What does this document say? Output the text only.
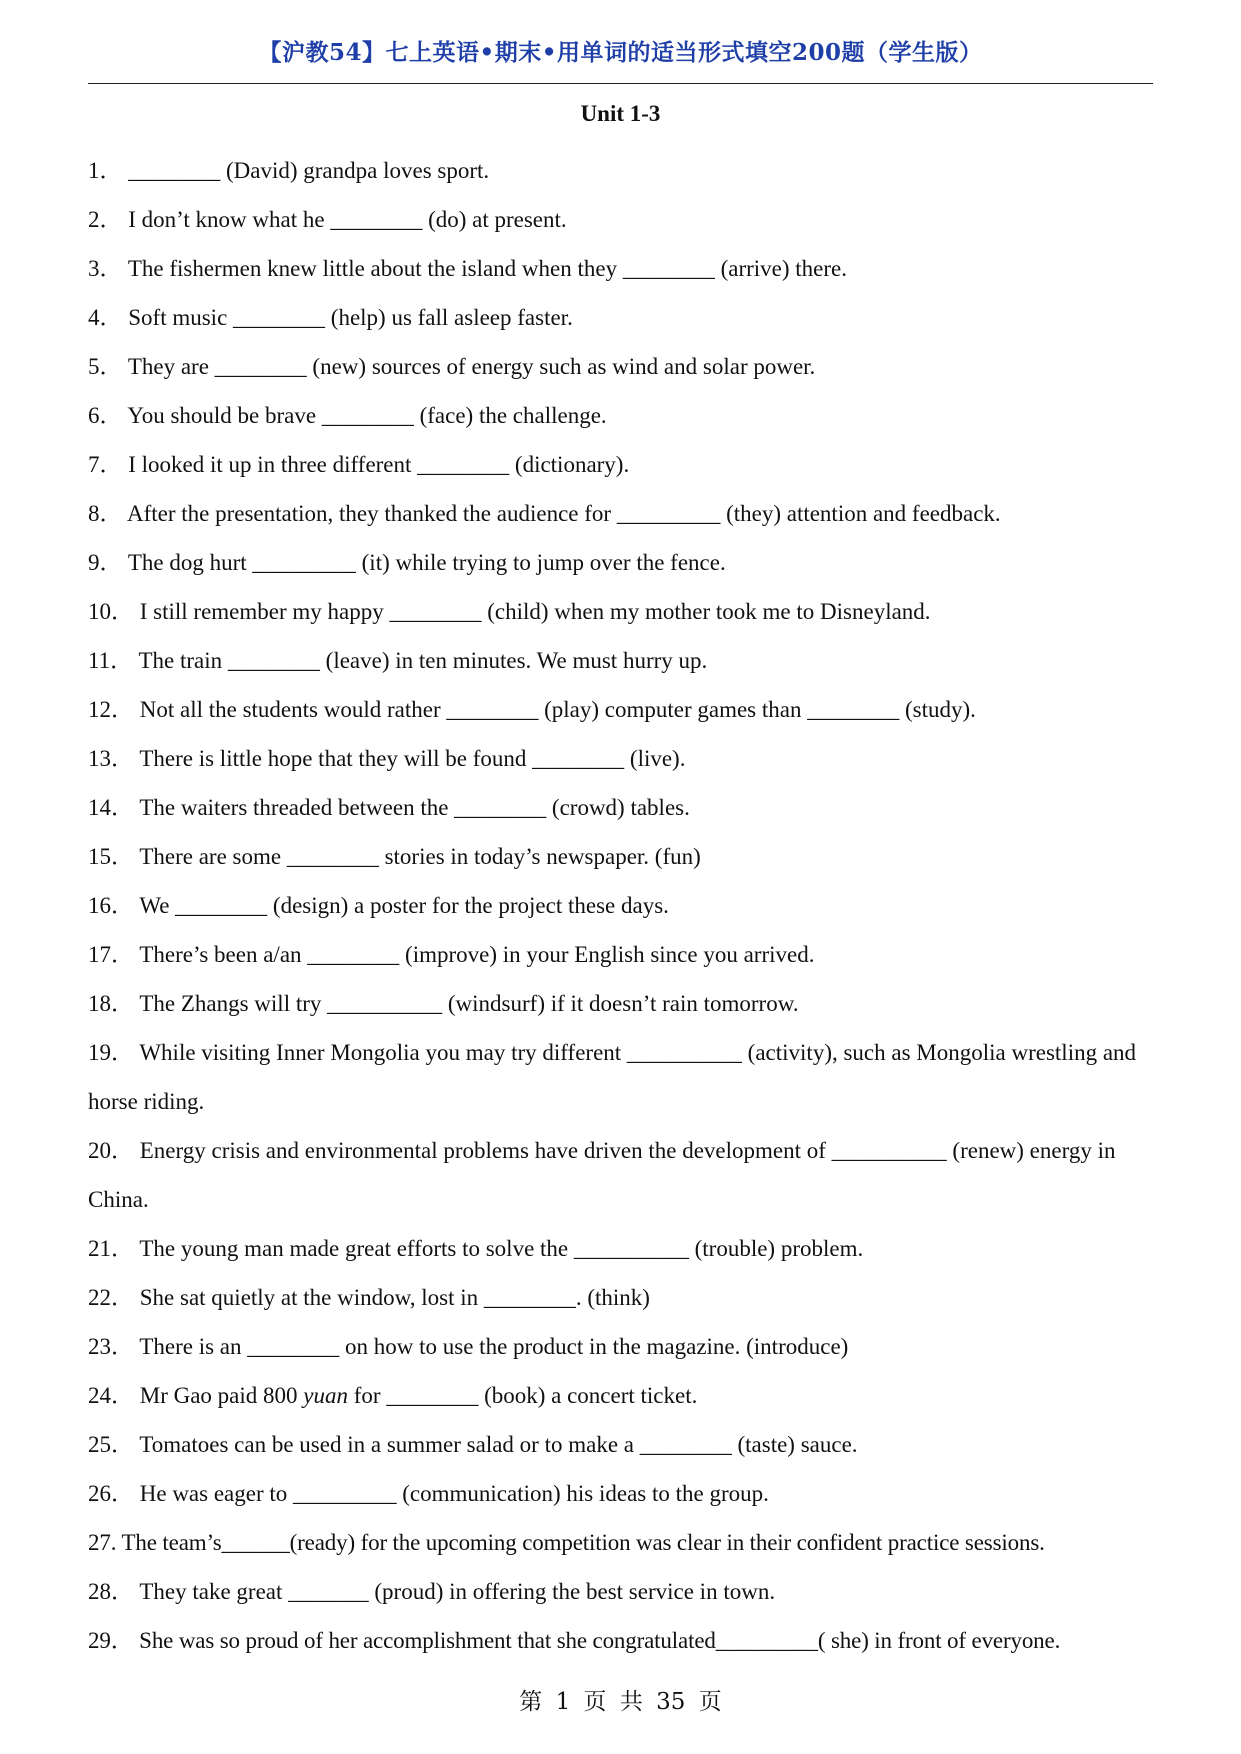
【沪教54】七上英语•期末•用单词的适当形式填空200题（学生版）
Unit 1-3

1． ________ (David) grandpa loves sport.

2． I don’t know what he ________ (do) at present.

3． The fishermen knew little about the island when they ________ (arrive) there.

4． Soft music ________ (help) us fall asleep faster.

5． They are ________ (new) sources of energy such as wind and solar power.

6． You should be brave ________ (face) the challenge.

7． I looked it up in three different ________ (dictionary).

8． After the presentation, they thanked the audience for _________ (they) attention and feedback.

9． The dog hurt _________ (it) while trying to jump over the fence.

10． I still remember my happy ________ (child) when my mother took me to Disneyland.

11． The train ________ (leave) in ten minutes. We must hurry up.

12． Not all the students would rather ________ (play) computer games than ________ (study).

13． There is little hope that they will be found ________ (live).

14． The waiters threaded between the ________ (crowd) tables.

15． There are some ________ stories in today’s newspaper. (fun)

16． We ________ (design) a poster for the project these days.

17． There’s been a/an ________ (improve) in your English since you arrived.

18． The Zhangs will try __________ (windsurf) if it doesn’t rain tomorrow.

19． While visiting Inner Mongolia you may try different __________ (activity), such as Mongolia wrestling and horse riding.

20． Energy crisis and environmental problems have driven the development of __________ (renew) energy in China.

21． The young man made great efforts to solve the __________ (trouble) problem.

22． She sat quietly at the window, lost in ________. (think)

23． There is an ________ on how to use the product in the magazine. (introduce)

24． Mr Gao paid 800 yuan for ________ (book) a concert ticket.

25． Tomatoes can be used in a summer salad or to make a ________ (taste) sauce.

26． He was eager to _________ (communication) his ideas to the group.

27. The team’s______(ready) for the upcoming competition was clear in their confident practice sessions.

28． They take great _______ (proud) in offering the best service in town.

29． She was so proud of her accomplishment that she congratulated_________( she) in front of everyone.

第 1 页 共 35 页
